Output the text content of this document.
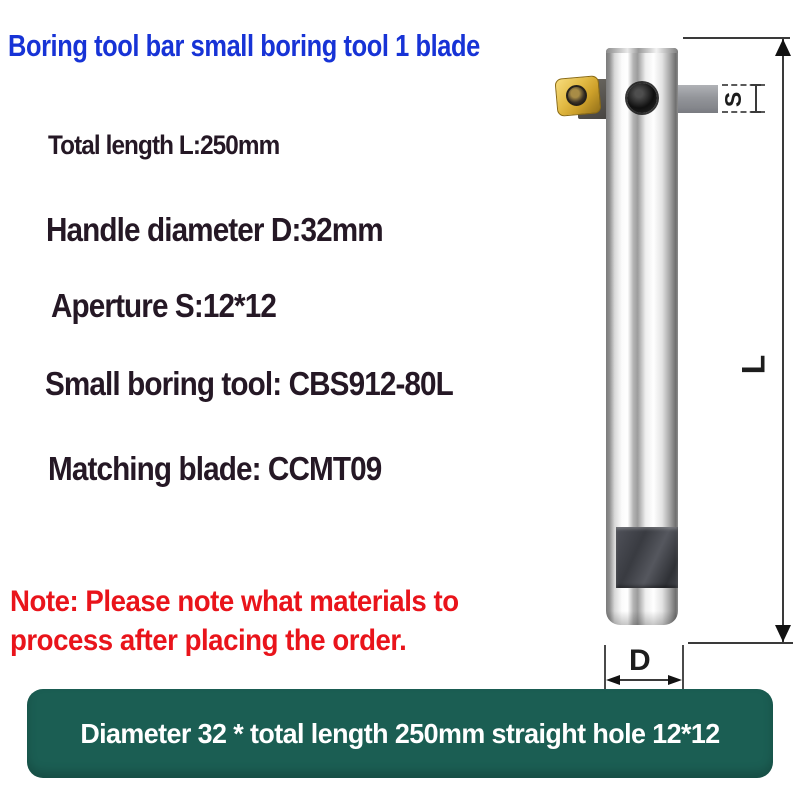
Boring tool bar small boring tool 1 blade
Total length L:250mm
Handle diameter D:32mm
Aperture S:12*12
Small boring tool: CBS912-80L
Matching blade: CCMT09
Note: Please note what materials to
process after placing the order.
Diameter 32 * total length 250mm straight hole 12*12
L
S
D
